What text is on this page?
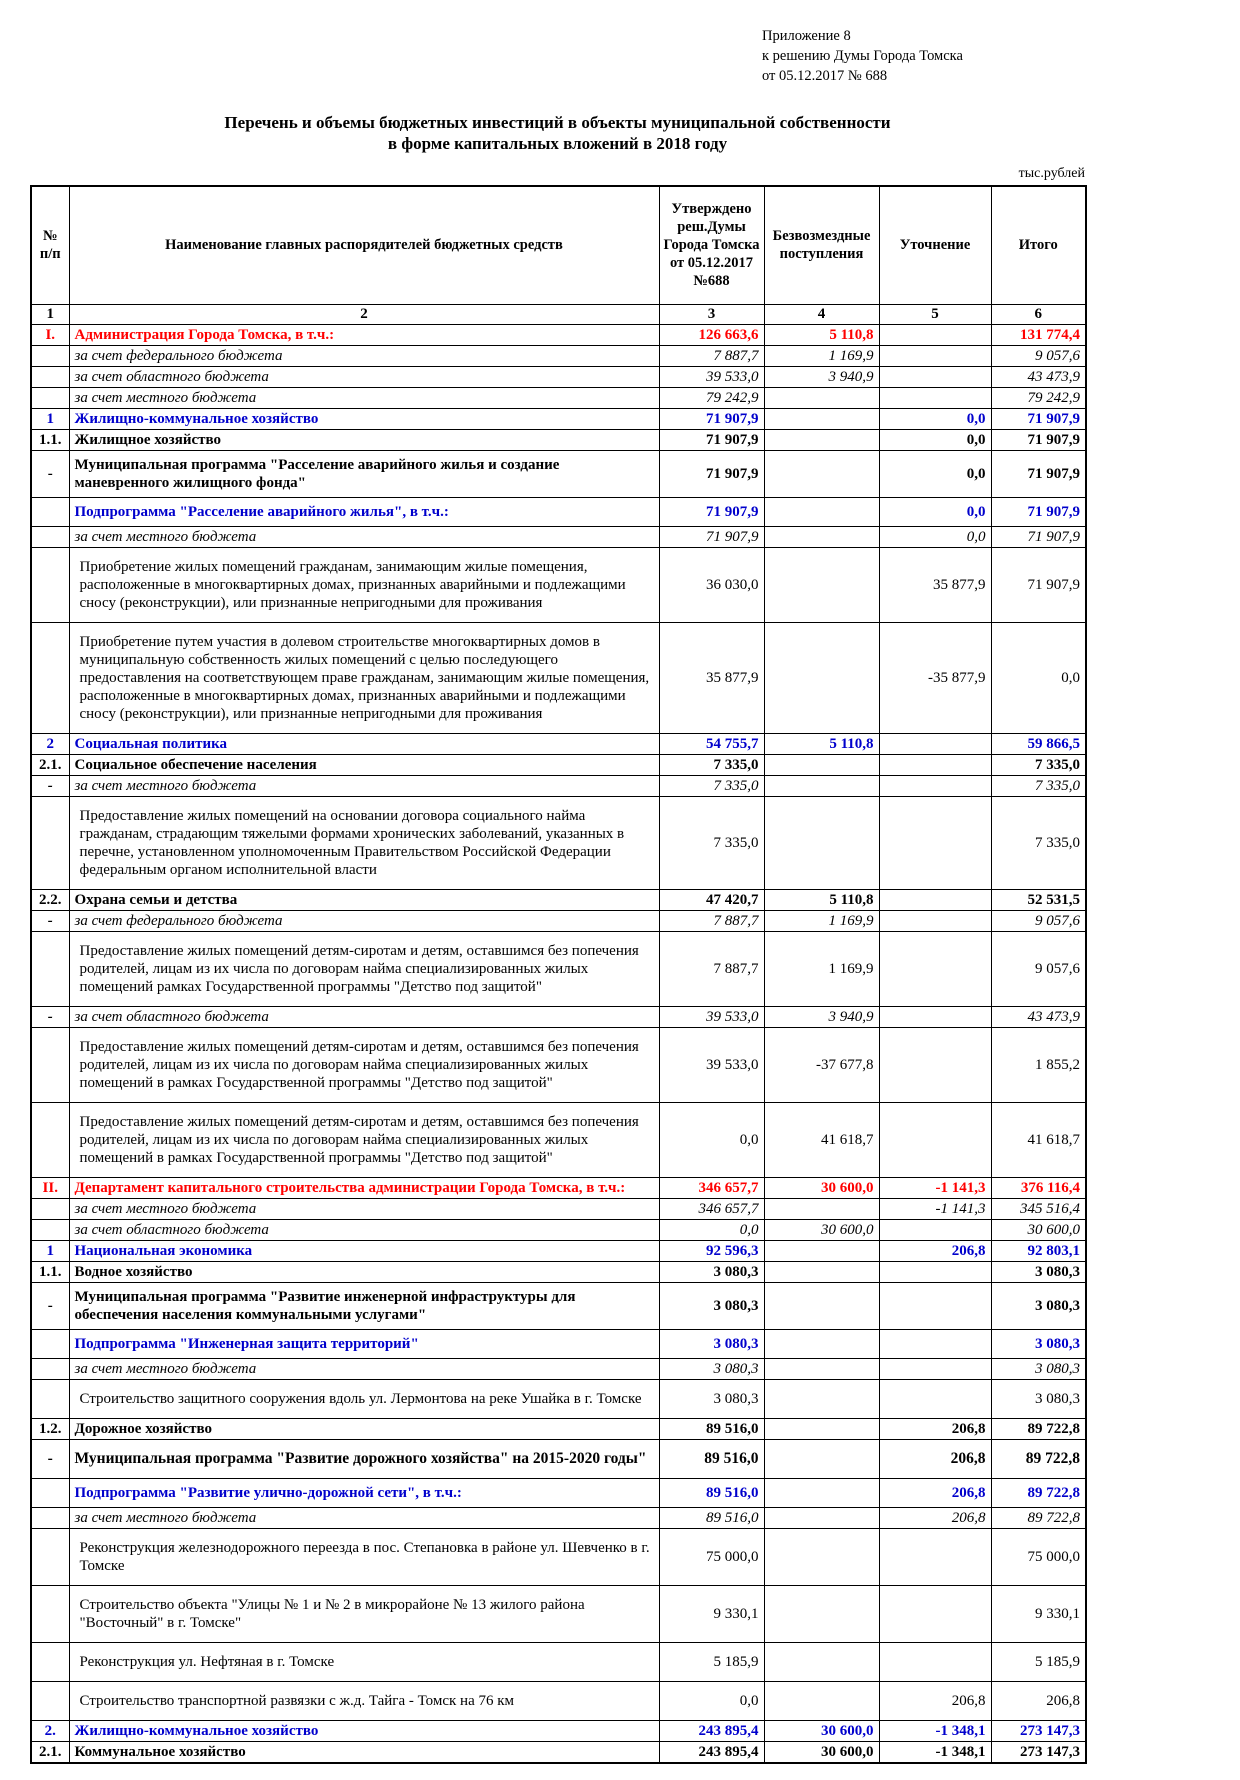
Приложение 8
к решению Думы Города Томска
от 05.12.2017 № 688
Перечень и объемы бюджетных инвестиций в объекты муниципальной собственности
в форме капитальных вложений в 2018 году
тыс.рублей
№ п/п	Наименование главных распорядителей бюджетных средств	Утверждено реш.Думы Города Томска от 05.12.2017 №688	Безвозмездные поступления	Уточнение	Итого
1	2	3	4	5	6
I.	Администрация Города Томска, в т.ч.:	126 663,6	5 110,8		131 774,4
	за счет федерального бюджета	7 887,7	1 169,9		9 057,6
	за счет областного бюджета	39 533,0	3 940,9		43 473,9
	за счет местного бюджета	79 242,9			79 242,9
1	Жилищно-коммунальное хозяйство	71 907,9		0,0	71 907,9
1.1.	Жилищное хозяйство	71 907,9		0,0	71 907,9
-	Муниципальная программа "Расселение аварийного жилья и создание маневренного жилищного фонда"	71 907,9		0,0	71 907,9
	Подпрограмма "Расселение аварийного жилья", в т.ч.:	71 907,9		0,0	71 907,9
	за счет местного бюджета	71 907,9		0,0	71 907,9
	Приобретение жилых помещений гражданам, занимающим жилые помещения, расположенные в многоквартирных домах, признанных аварийными и подлежащими сносу (реконструкции), или признанные непригодными для проживания	36 030,0		35 877,9	71 907,9
	Приобретение путем участия в долевом строительстве многоквартирных домов в муниципальную собственность жилых помещений с целью последующего предоставления на соответствующем праве гражданам, занимающим жилые помещения, расположенные в многоквартирных домах, признанных аварийными и подлежащими сносу (реконструкции), или признанные непригодными для проживания	35 877,9		-35 877,9	0,0
2	Социальная политика	54 755,7	5 110,8		59 866,5
2.1.	Социальное обеспечение населения	7 335,0			7 335,0
-	за счет местного бюджета	7 335,0			7 335,0
	Предоставление жилых помещений на основании договора социального найма гражданам, страдающим тяжелыми формами хронических заболеваний, указанных в перечне, установленном уполномоченным Правительством Российской Федерации федеральным органом исполнительной власти	7 335,0			7 335,0
2.2.	Охрана семьи и детства	47 420,7	5 110,8		52 531,5
-	за счет федерального бюджета	7 887,7	1 169,9		9 057,6
	Предоставление жилых помещений детям-сиротам и детям, оставшимся без попечения родителей, лицам из их числа по договорам найма специализированных жилых помещений рамках Государственной программы "Детство под защитой"	7 887,7	1 169,9		9 057,6
-	за счет областного бюджета	39 533,0	3 940,9		43 473,9
	Предоставление жилых помещений детям-сиротам и детям, оставшимся без попечения родителей, лицам из их числа по договорам найма специализированных жилых помещений в рамках Государственной программы "Детство под защитой"	39 533,0	-37 677,8		1 855,2
	Предоставление жилых помещений детям-сиротам и детям, оставшимся без попечения родителей, лицам из их числа по договорам найма специализированных жилых помещений в рамках Государственной программы "Детство под защитой"	0,0	41 618,7		41 618,7
II.	Департамент капитального строительства администрации Города Томска, в т.ч.:	346 657,7	30 600,0	-1 141,3	376 116,4
	за счет местного бюджета	346 657,7		-1 141,3	345 516,4
	за счет областного бюджета	0,0	30 600,0		30 600,0
1	Национальная экономика	92 596,3		206,8	92 803,1
1.1.	Водное хозяйство	3 080,3			3 080,3
-	Муниципальная программа "Развитие инженерной инфраструктуры для обеспечения населения коммунальными услугами"	3 080,3			3 080,3
	Подпрограмма "Инженерная защита территорий"	3 080,3			3 080,3
	за счет местного бюджета	3 080,3			3 080,3
	Строительство защитного сооружения вдоль ул. Лермонтова на реке Ушайка в г. Томске	3 080,3			3 080,3
1.2.	Дорожное хозяйство	89 516,0		206,8	89 722,8
-	Муниципальная программа "Развитие дорожного хозяйства" на 2015-2020 годы"	89 516,0		206,8	89 722,8
	Подпрограмма "Развитие улично-дорожной сети", в т.ч.:	89 516,0		206,8	89 722,8
	за счет местного бюджета	89 516,0		206,8	89 722,8
	Реконструкция железнодорожного переезда в пос. Степановка в районе ул. Шевченко в г. Томске	75 000,0			75 000,0
	Строительство объекта "Улицы № 1 и № 2 в микрорайоне № 13 жилого района "Восточный" в г. Томске"	9 330,1			9 330,1
	Реконструкция ул. Нефтяная в г. Томске	5 185,9			5 185,9
	Строительство транспортной развязки с ж.д. Тайга - Томск на 76 км	0,0		206,8	206,8
2.	Жилищно-коммунальное хозяйство	243 895,4	30 600,0	-1 348,1	273 147,3
2.1.	Коммунальное хозяйство	243 895,4	30 600,0	-1 348,1	273 147,3
